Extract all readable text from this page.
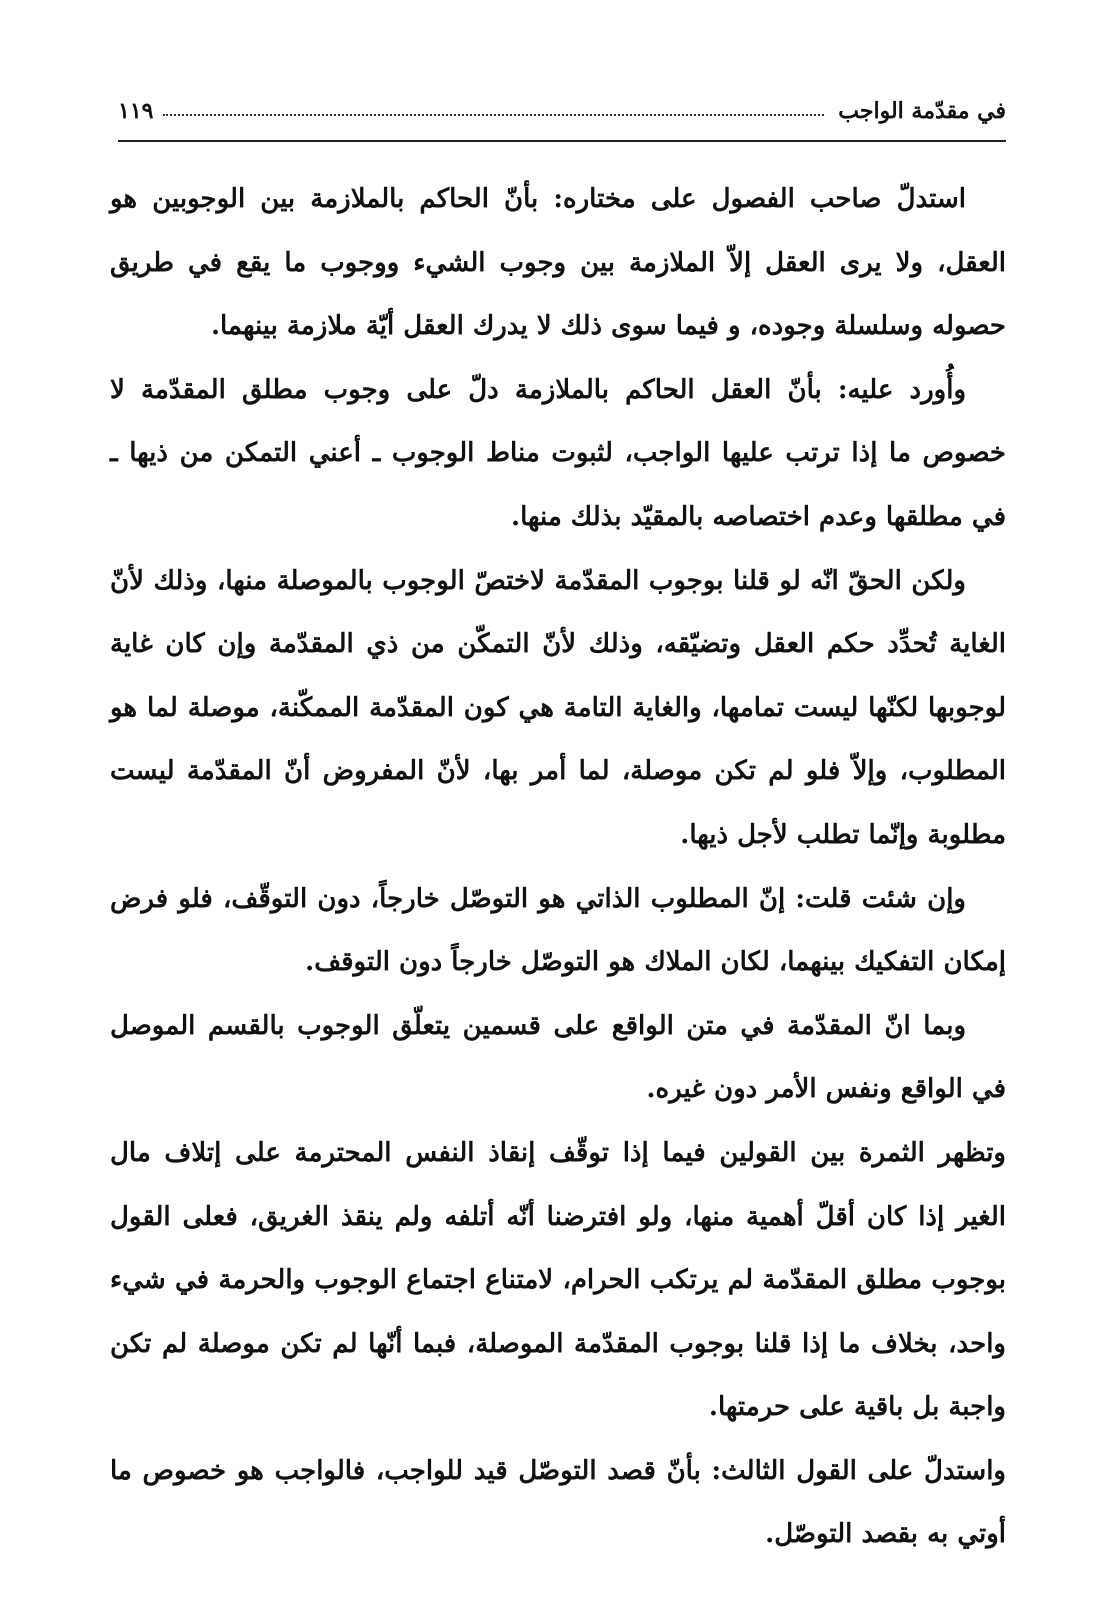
في مقدّمة الواجب
١١٩

استدلّ صاحب الفصول على مختاره: بأنّ الحاكم بالملازمة بين الوجوبين هو العقل، ولا يرى العقل إلاّ الملازمة بين وجوب الشيء ووجوب ما يقع في طريق حصوله وسلسلة وجوده، و فيما سوى ذلك لا يدرك العقل أيّة ملازمة بينهما.

وأُورد عليه: بأنّ العقل الحاكم بالملازمة دلّ على وجوب مطلق المقدّمة لا خصوص ما إذا ترتب عليها الواجب، لثبوت مناط الوجوب ـ أعني التمكن من ذيها ـ في مطلقها وعدم اختصاصه بالمقيّد بذلك منها.

ولكن الحقّ انّه لو قلنا بوجوب المقدّمة لاختصّ الوجوب بالموصلة منها، وذلك لأنّ الغاية تُحدِّد حكم العقل وتضيّقه، وذلك لأنّ التمكّن من ذي المقدّمة وإن كان غاية لوجوبها لكنّها ليست تمامها، والغاية التامة هي كون المقدّمة الممكّنة، موصلة لما هو المطلوب، وإلاّ فلو لم تكن موصلة، لما أمر بها، لأنّ المفروض أنّ المقدّمة ليست مطلوبة وإنّما تطلب لأجل ذيها.

وإن شئت قلت: إنّ المطلوب الذاتي هو التوصّل خارجاً، دون التوقّف، فلو فرض إمكان التفكيك بينهما، لكان الملاك هو التوصّل خارجاً دون التوقف.

وبما انّ المقدّمة في متن الواقع على قسمين يتعلّق الوجوب بالقسم الموصل في الواقع ونفس الأمر دون غيره.

وتظهر الثمرة بين القولين فيما إذا توقّف إنقاذ النفس المحترمة على إتلاف مال الغير إذا كان أقلّ أهمية منها، ولو افترضنا أنّه أتلفه ولم ينقذ الغريق، فعلى القول بوجوب مطلق المقدّمة لم يرتكب الحرام، لامتناع اجتماع الوجوب والحرمة في شيء واحد، بخلاف ما إذا قلنا بوجوب المقدّمة الموصلة، فبما أنّها لم تكن موصلة لم تكن واجبة بل باقية على حرمتها.

واستدلّ على القول الثالث: بأنّ قصد التوصّل قيد للواجب، فالواجب هو خصوص ما أوتي به بقصد التوصّل.
